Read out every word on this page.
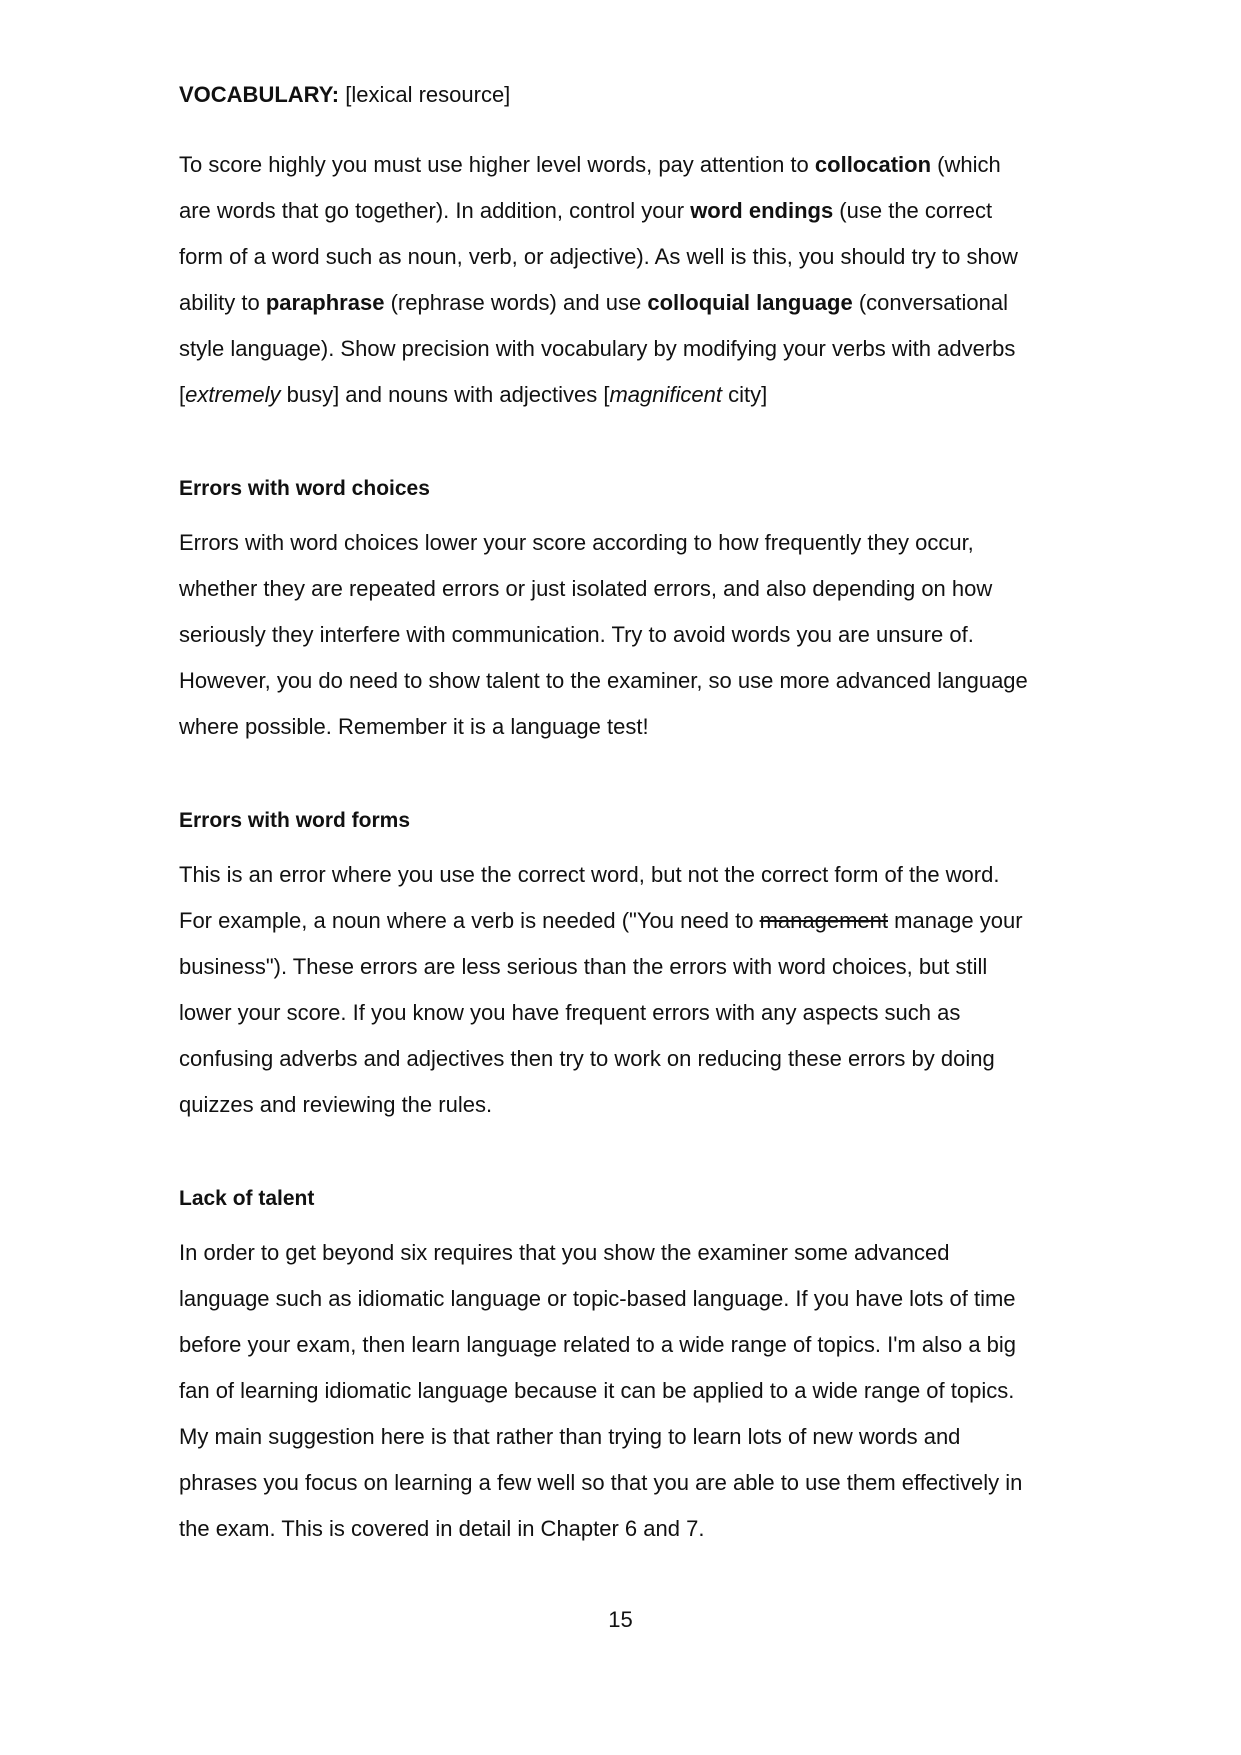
VOCABULARY: [lexical resource]
To score highly you must use higher level words, pay attention to collocation (which
are words that go together). In addition, control your word endings (use the correct
form of a word such as noun, verb, or adjective). As well is this, you should try to show
ability to paraphrase (rephrase words) and use colloquial language (conversational
style language). Show precision with vocabulary by modifying your verbs with adverbs
[extremely busy] and nouns with adjectives [magnificent city]
Errors with word choices
Errors with word choices lower your score according to how frequently they occur,
whether they are repeated errors or just isolated errors, and also depending on how
seriously they interfere with communication. Try to avoid words you are unsure of.
However, you do need to show talent to the examiner, so use more advanced language
where possible. Remember it is a language test!
Errors with word forms
This is an error where you use the correct word, but not the correct form of the word.
For example, a noun where a verb is needed ("You need to management manage your
business"). These errors are less serious than the errors with word choices, but still
lower your score. If you know you have frequent errors with any aspects such as
confusing adverbs and adjectives then try to work on reducing these errors by doing
quizzes and reviewing the rules.
Lack of talent
In order to get beyond six requires that you show the examiner some advanced
language such as idiomatic language or topic-based language. If you have lots of time
before your exam, then learn language related to a wide range of topics. I'm also a big
fan of learning idiomatic language because it can be applied to a wide range of topics.
My main suggestion here is that rather than trying to learn lots of new words and
phrases you focus on learning a few well so that you are able to use them effectively in
the exam. This is covered in detail in Chapter 6 and 7.
15
